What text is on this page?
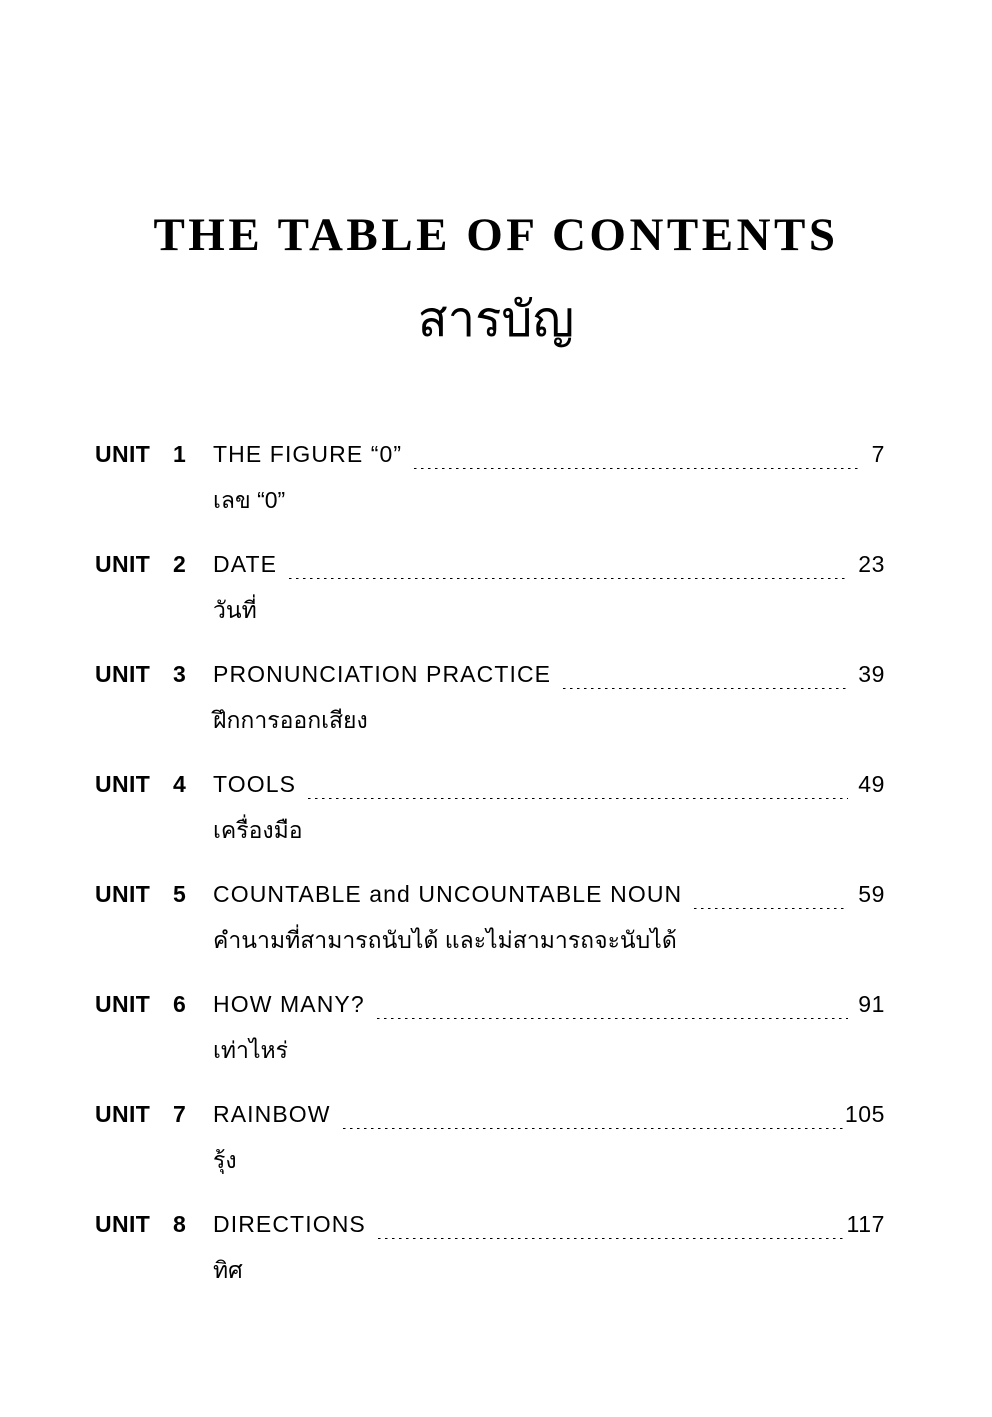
THE TABLE OF CONTENTS
สารบัญ
UNIT 1	THE FIGURE “0”	7
เลข “0”
UNIT 2	DATE	23
วันที่
UNIT 3	PRONUNCIATION PRACTICE	39
ฝึกการออกเสียง
UNIT 4	TOOLS	49
เครื่องมือ
UNIT 5	COUNTABLE and UNCOUNTABLE NOUN	59
คำนามที่สามารถนับได้ และไม่สามารถจะนับได้
UNIT 6	HOW MANY?	91
เท่าไหร่
UNIT 7	RAINBOW	105
รุ้ง
UNIT 8	DIRECTIONS	117
ทิศ
